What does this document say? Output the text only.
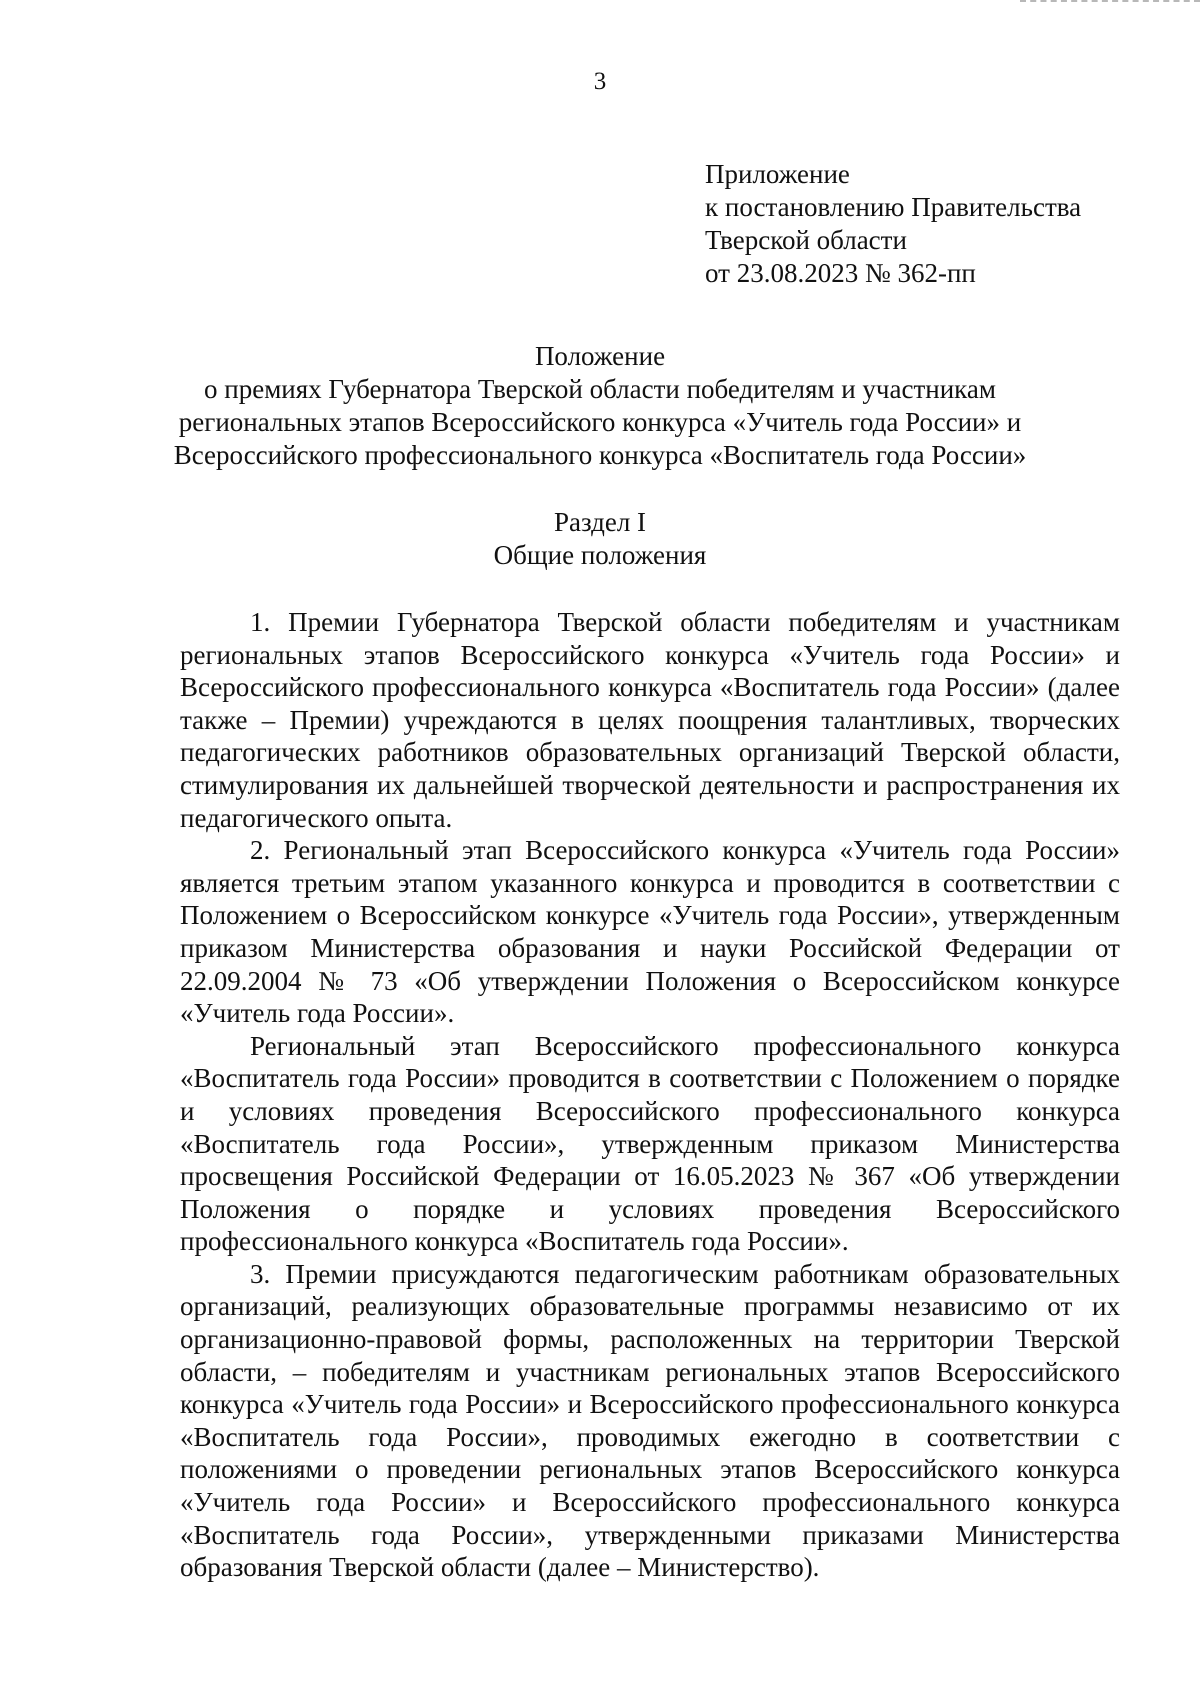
3
Приложение
к постановлению Правительства
Тверской области
от 23.08.2023 № 362-пп
Положение
о премиях Губернатора Тверской области победителям и участникам
региональных этапов Всероссийского конкурса «Учитель года России» и
Всероссийского профессионального конкурса «Воспитатель года России»
Раздел I
Общие положения

1. Премии Губернатора Тверской области победителям и участникам региональных этапов Всероссийского конкурса «Учитель года России» и Всероссийского профессионального конкурса «Воспитатель года России» (далее также – Премии) учреждаются в целях поощрения талантливых, творческих педагогических работников образовательных организаций Тверской области, стимулирования их дальнейшей творческой деятельности и распространения их педагогического опыта.

2. Региональный этап Всероссийского конкурса «Учитель года России» является третьим этапом указанного конкурса и проводится в соответствии с Положением о Всероссийском конкурсе «Учитель года России», утвержденным приказом Министерства образования и науки Российской Федерации от 22.09.2004 № 73 «Об утверждении Положения о Всероссийском конкурсе «Учитель года России».

Региональный этап Всероссийского профессионального конкурса «Воспитатель года России» проводится в соответствии с Положением о порядке и условиях проведения Всероссийского профессионального конкурса «Воспитатель года России», утвержденным приказом Министерства просвещения Российской Федерации от 16.05.2023 № 367 «Об утверждении Положения о порядке и условиях проведения Всероссийского профессионального конкурса «Воспитатель года России».

3. Премии присуждаются педагогическим работникам образовательных организаций, реализующих образовательные программы независимо от их организационно-правовой формы, расположенных на территории Тверской области, – победителям и участникам региональных этапов Всероссийского конкурса «Учитель года России» и Всероссийского профессионального конкурса «Воспитатель года России», проводимых ежегодно в соответствии с положениями о проведении региональных этапов Всероссийского конкурса «Учитель года России» и Всероссийского профессионального конкурса «Воспитатель года России», утвержденными приказами Министерства образования Тверской области (далее – Министерство).
